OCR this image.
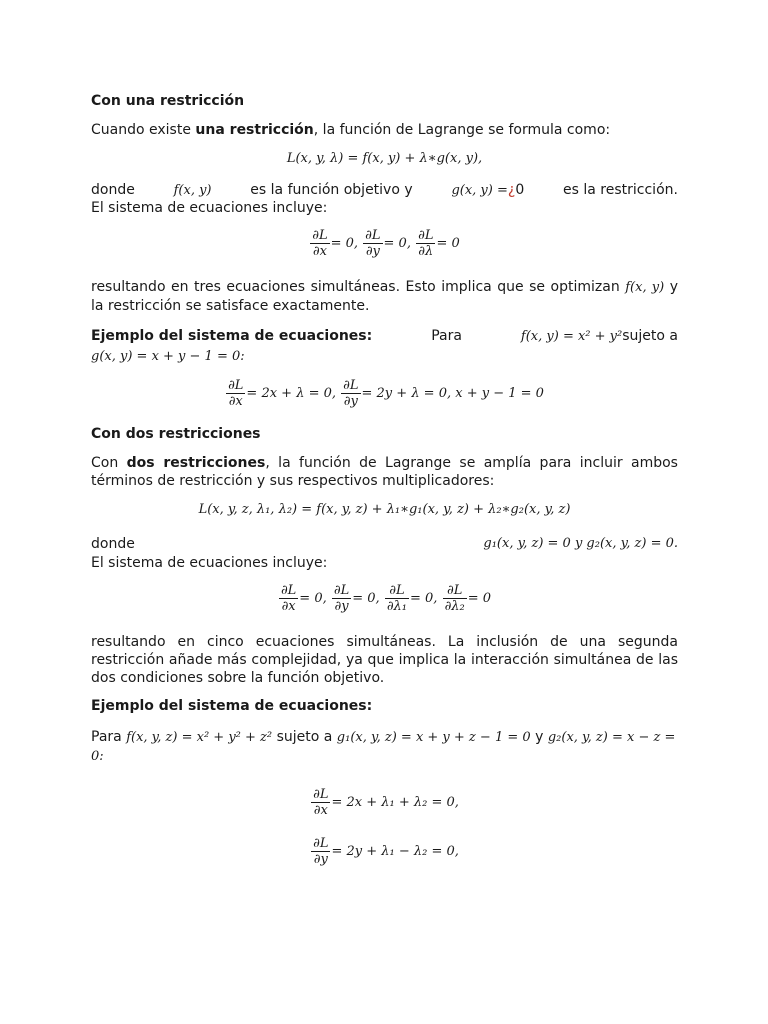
Con una restricción
Cuando existe una restricción, la función de Lagrange se formula como:
L(x, y, λ) = f(x, y) + λ∗g(x, y),
donde	f(x, y)	es la función objetivo y	g(x, y) =¿0	es la restricción.
El sistema de ecuaciones incluye:
$\frac{\partial L}{\partial x} = 0$, $\frac{\partial L}{\partial y} = 0$, $\frac{\partial L}{\partial\lambda} = 0$
resultando en tres ecuaciones simultáneas. Esto implica que se optimizan f(x, y) y la restricción se satisface exactamente.
Ejemplo del sistema de ecuaciones:	Para	f(x, y) = x² + y²sujeto a
g(x, y) = x + y − 1 = 0:
$\frac{\partial L}{\partial x} = 2x + \lambda = 0$, $\frac{\partial L}{\partial y} = 2y + \lambda = 0$, x + y − 1 = 0
Con dos restricciones
Con dos restricciones, la función de Lagrange se amplía para incluir ambos términos de restricción y sus respectivos multiplicadores:
L(x, y, z, λ₁, λ₂) = f(x, y, z) + λ₁∗g₁(x, y, z) + λ₂∗g₂(x, y, z)
donde	g₁(x, y, z) = 0 y g₂(x, y, z) = 0.
El sistema de ecuaciones incluye:
$\frac{\partial L}{\partial x} = 0$, $\frac{\partial L}{\partial y} = 0$, $\frac{\partial L}{\text{∂λ₁}} = 0$, $\frac{\partial L}{\text{∂λ₂}} = 0$
resultando en cinco ecuaciones simultáneas. La inclusión de una segunda restricción añade más complejidad, ya que implica la interacción simultánea de las dos condiciones sobre la función objetivo.
Ejemplo del sistema de ecuaciones:
Para f(x, y, z) = x² + y² + z² sujeto a g₁(x, y, z) = x + y + z − 1 = 0 y g₂(x, y, z) = x − z = 0:
$\frac{\partial L}{\partial x} = 2x + \lambda_1 + \lambda_2 = 0$,
$\frac{\partial L}{\partial y} = 2y + \lambda_1 - \lambda_2 = 0$,
